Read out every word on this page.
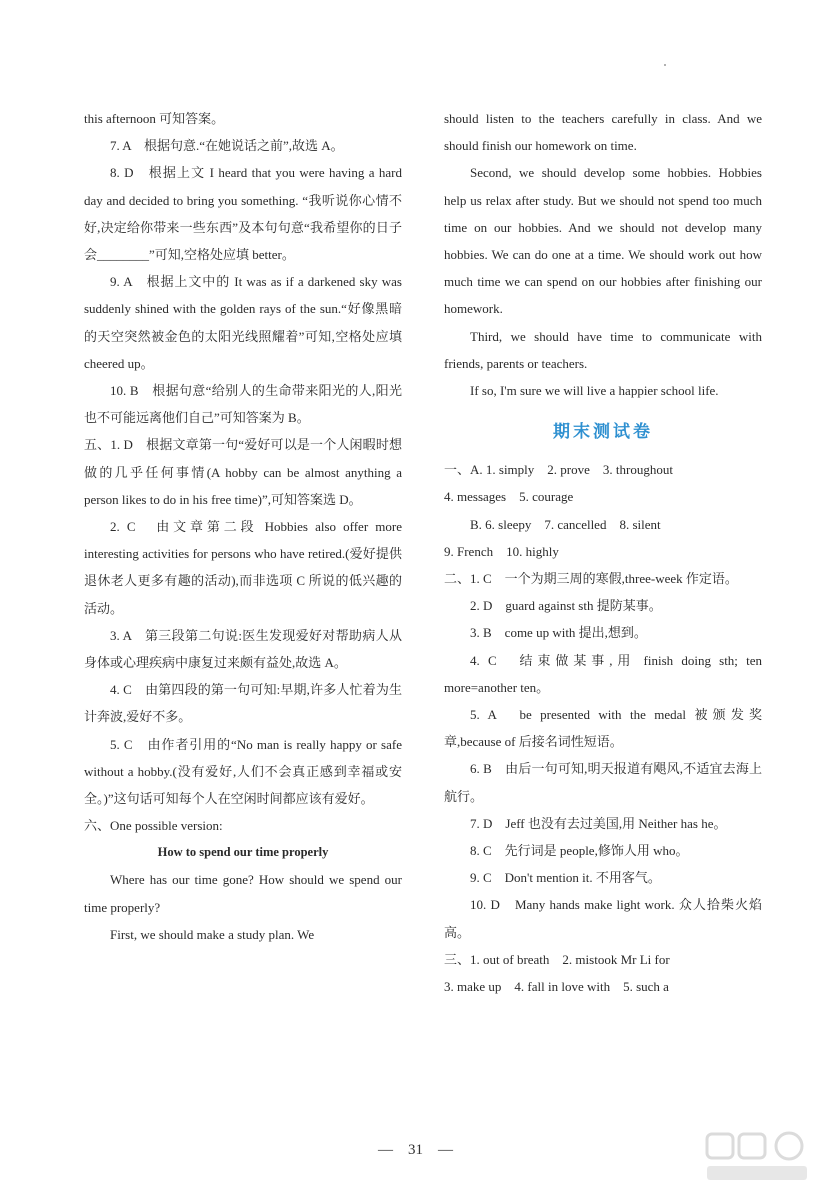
this afternoon 可知答案。

7. A　根据句意.“在她说话之前”,故选 A。

8. D　根据上文 I heard that you were having a hard day and decided to bring you something. “我听说你心情不好,决定给你带来一些东西”及本句句意“我希望你的日子会________”可知,空格处应填 better。

9. A　根据上文中的 It was as if a darkened sky was suddenly shined with the golden rays of the sun.“好像黑暗的天空突然被金色的太阳光线照耀着”可知,空格处应填 cheered up。

10. B　根据句意“给别人的生命带来阳光的人,阳光也不可能远离他们自己”可知答案为 B。

五、1. D　根据文章第一句“爱好可以是一个人闲暇时想做的几乎任何事情(A hobby can be almost anything a person likes to do in his free time)”,可知答案选 D。

2. C　由文章第二段 Hobbies also offer more interesting activities for persons who have retired.(爱好提供退休老人更多有趣的活动),而非选项 C 所说的低兴趣的活动。

3. A　第三段第二句说:医生发现爱好对帮助病人从身体或心理疾病中康复过来颇有益处,故选 A。

4. C　由第四段的第一句可知:早期,许多人忙着为生计奔波,爱好不多。

5. C　由作者引用的“No man is really happy or safe without a hobby.(没有爱好,人们不会真正感到幸福或安全。)”这句话可知每个人在空闲时间都应该有爱好。

六、One possible version:

How to spend our time properly

Where has our time gone? How should we spend our time properly?

First, we should make a study plan. We

should listen to the teachers carefully in class. And we should finish our homework on time.

Second, we should develop some hobbies. Hobbies help us relax after study. But we should not spend too much time on our hobbies. And we should not develop many hobbies. We can do one at a time. We should work out how much time we can spend on our hobbies after finishing our homework.

Third, we should have time to communicate with friends, parents or teachers.

If so, I'm sure we will live a happier school life.

期末测试卷

一、A. 1. simply　2. prove　3. throughout

4. messages　5. courage

　　B. 6. sleepy　7. cancelled　8. silent

9. French　10. highly

二、1. C　一个为期三周的寒假,three-week 作定语。

2. D　guard against sth 提防某事。

3. B　come up with 提出,想到。

4. C　结束做某事,用 finish doing sth; ten more=another ten。

5. A　be presented with the medal 被颁发奖章,because of 后接名词性短语。

6. B　由后一句可知,明天报道有飓风,不适宜去海上航行。

7. D　Jeff 也没有去过美国,用 Neither has he。

8. C　先行词是 people,修饰人用 who。

9. C　Don't mention it. 不用客气。

10. D　Many hands make light work. 众人拾柴火焰高。

三、1. out of breath　2. mistook Mr Li for

3. make up　4. fall in love with　5. such a

—　31　—
